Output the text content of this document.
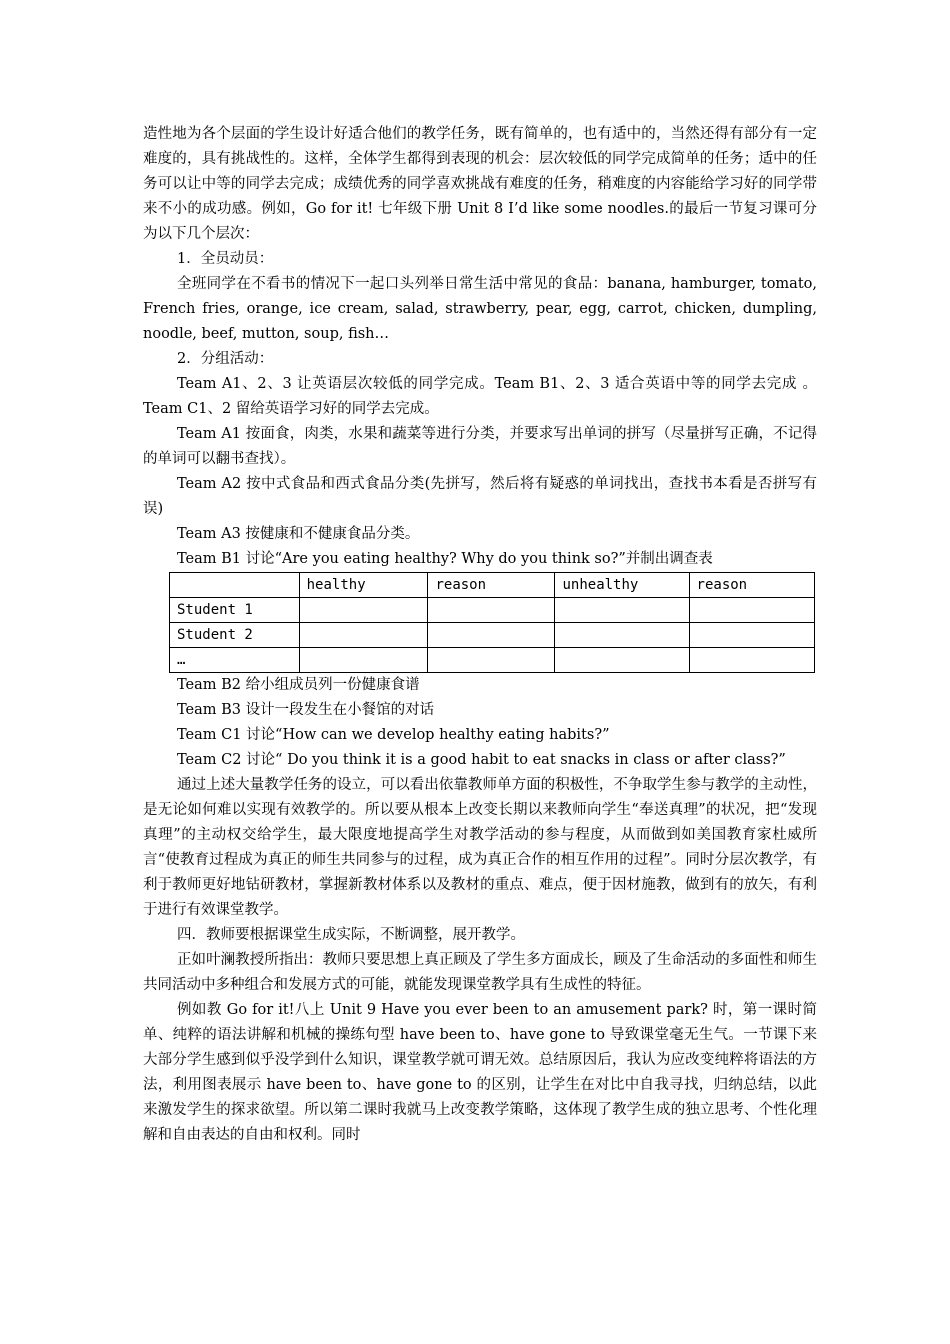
造性地为各个层面的学生设计好适合他们的教学任务，既有简单的，也有适中的，当然还得有部分有一定难度的，具有挑战性的。这样，全体学生都得到表现的机会：层次较低的同学完成简单的任务；适中的任务可以让中等的同学去完成；成绩优秀的同学喜欢挑战有难度的任务，稍难度的内容能给学习好的同学带来不小的成功感。例如，Go for it! 七年级下册 Unit 8 I’d like some noodles.的最后一节复习课可分为以下几个层次：

1．全员动员：

全班同学在不看书的情况下一起口头列举日常生活中常见的食品：banana, hamburger, tomato, French fries, orange, ice cream, salad, strawberry, pear, egg, carrot, chicken, dumpling, noodle, beef, mutton, soup, fish…

2．分组活动：

Team A1、2、3 让英语层次较低的同学完成。Team B1、2、3 适合英语中等的同学去完成 。Team C1、2 留给英语学习好的同学去完成。

Team A1 按面食，肉类，水果和蔬菜等进行分类，并要求写出单词的拼写（尽量拼写正确，不记得的单词可以翻书查找）。

Team A2 按中式食品和西式食品分类(先拼写，然后将有疑惑的单词找出，查找书本看是否拼写有误)

Team A3 按健康和不健康食品分类。

Team B1 讨论“Are you eating healthy? Why do you think so?”并制出调查表

	healthy	reason	unhealthy	reason
Student 1				
Student 2				
…				

Team B2 给小组成员列一份健康食谱

Team B3 设计一段发生在小餐馆的对话

Team C1 讨论“How can we develop healthy eating habits?”

Team C2 讨论“ Do you think it is a good habit to eat snacks in class or after class?”

通过上述大量教学任务的设立，可以看出依靠教师单方面的积极性，不争取学生参与教学的主动性，是无论如何难以实现有效教学的。所以要从根本上改变长期以来教师向学生“奉送真理”的状况，把“发现真理”的主动权交给学生，最大限度地提高学生对教学活动的参与程度，从而做到如美国教育家杜威所言“使教育过程成为真正的师生共同参与的过程，成为真正合作的相互作用的过程”。同时分层次教学，有利于教师更好地钻研教材，掌握新教材体系以及教材的重点、难点，便于因材施教，做到有的放矢，有利于进行有效课堂教学。

四．教师要根据课堂生成实际，不断调整，展开教学。

正如叶澜教授所指出：教师只要思想上真正顾及了学生多方面成长，顾及了生命活动的多面性和师生共同活动中多种组合和发展方式的可能，就能发现课堂教学具有生成性的特征。

例如教 Go for it!八上 Unit 9 Have you ever been to an amusement park? 时，第一课时简单、纯粹的语法讲解和机械的操练句型 have been to、have gone to 导致课堂毫无生气。一节课下来大部分学生感到似乎没学到什么知识，课堂教学就可谓无效。总结原因后，我认为应改变纯粹将语法的方法，利用图表展示 have been to、have gone to 的区别，让学生在对比中自我寻找，归纳总结，以此来激发学生的探求欲望。所以第二课时我就马上改变教学策略，这体现了教学生成的独立思考、个性化理解和自由表达的自由和权利。同时
